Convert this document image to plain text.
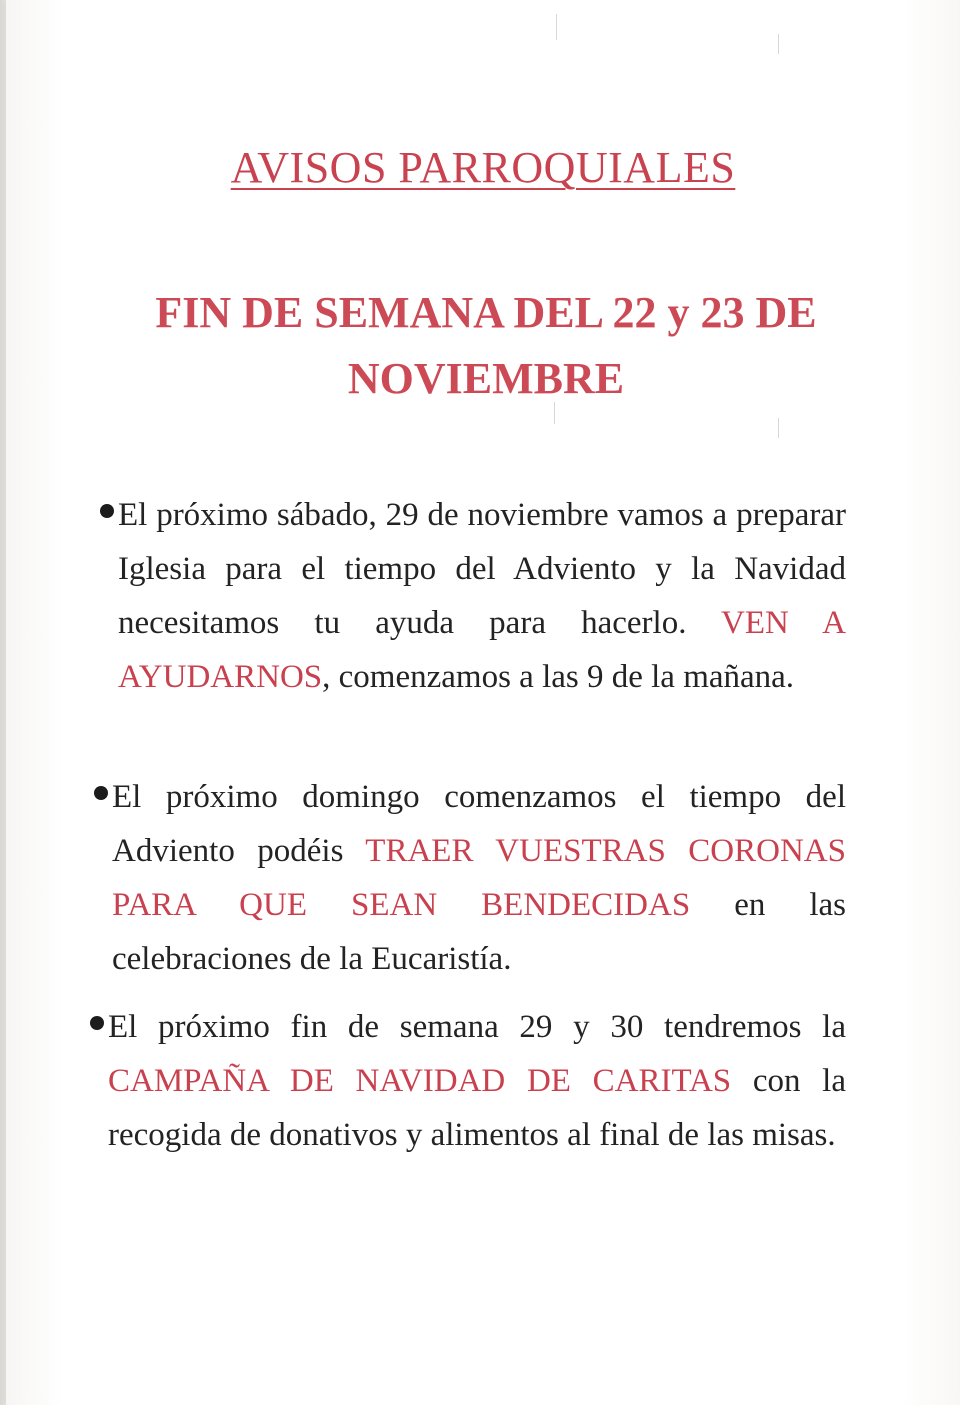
AVISOS PARROQUIALES
FIN DE SEMANA DEL 22 y 23 DE NOVIEMBRE
El próximo sábado, 29 de noviembre vamos a preparar Iglesia para el tiempo del Adviento y la Navidad necesitamos tu ayuda para hacerlo. VEN A AYUDARNOS, comenzamos a las 9 de la mañana.
El próximo domingo comenzamos el tiempo del Adviento podéis TRAER VUESTRAS CORONAS PARA QUE SEAN BENDECIDAS en las celebraciones de la Eucaristía.
El próximo fin de semana 29 y 30 tendremos la CAMPAÑA DE NAVIDAD DE CARITAS con la recogida de donativos y alimentos al final de las misas.
